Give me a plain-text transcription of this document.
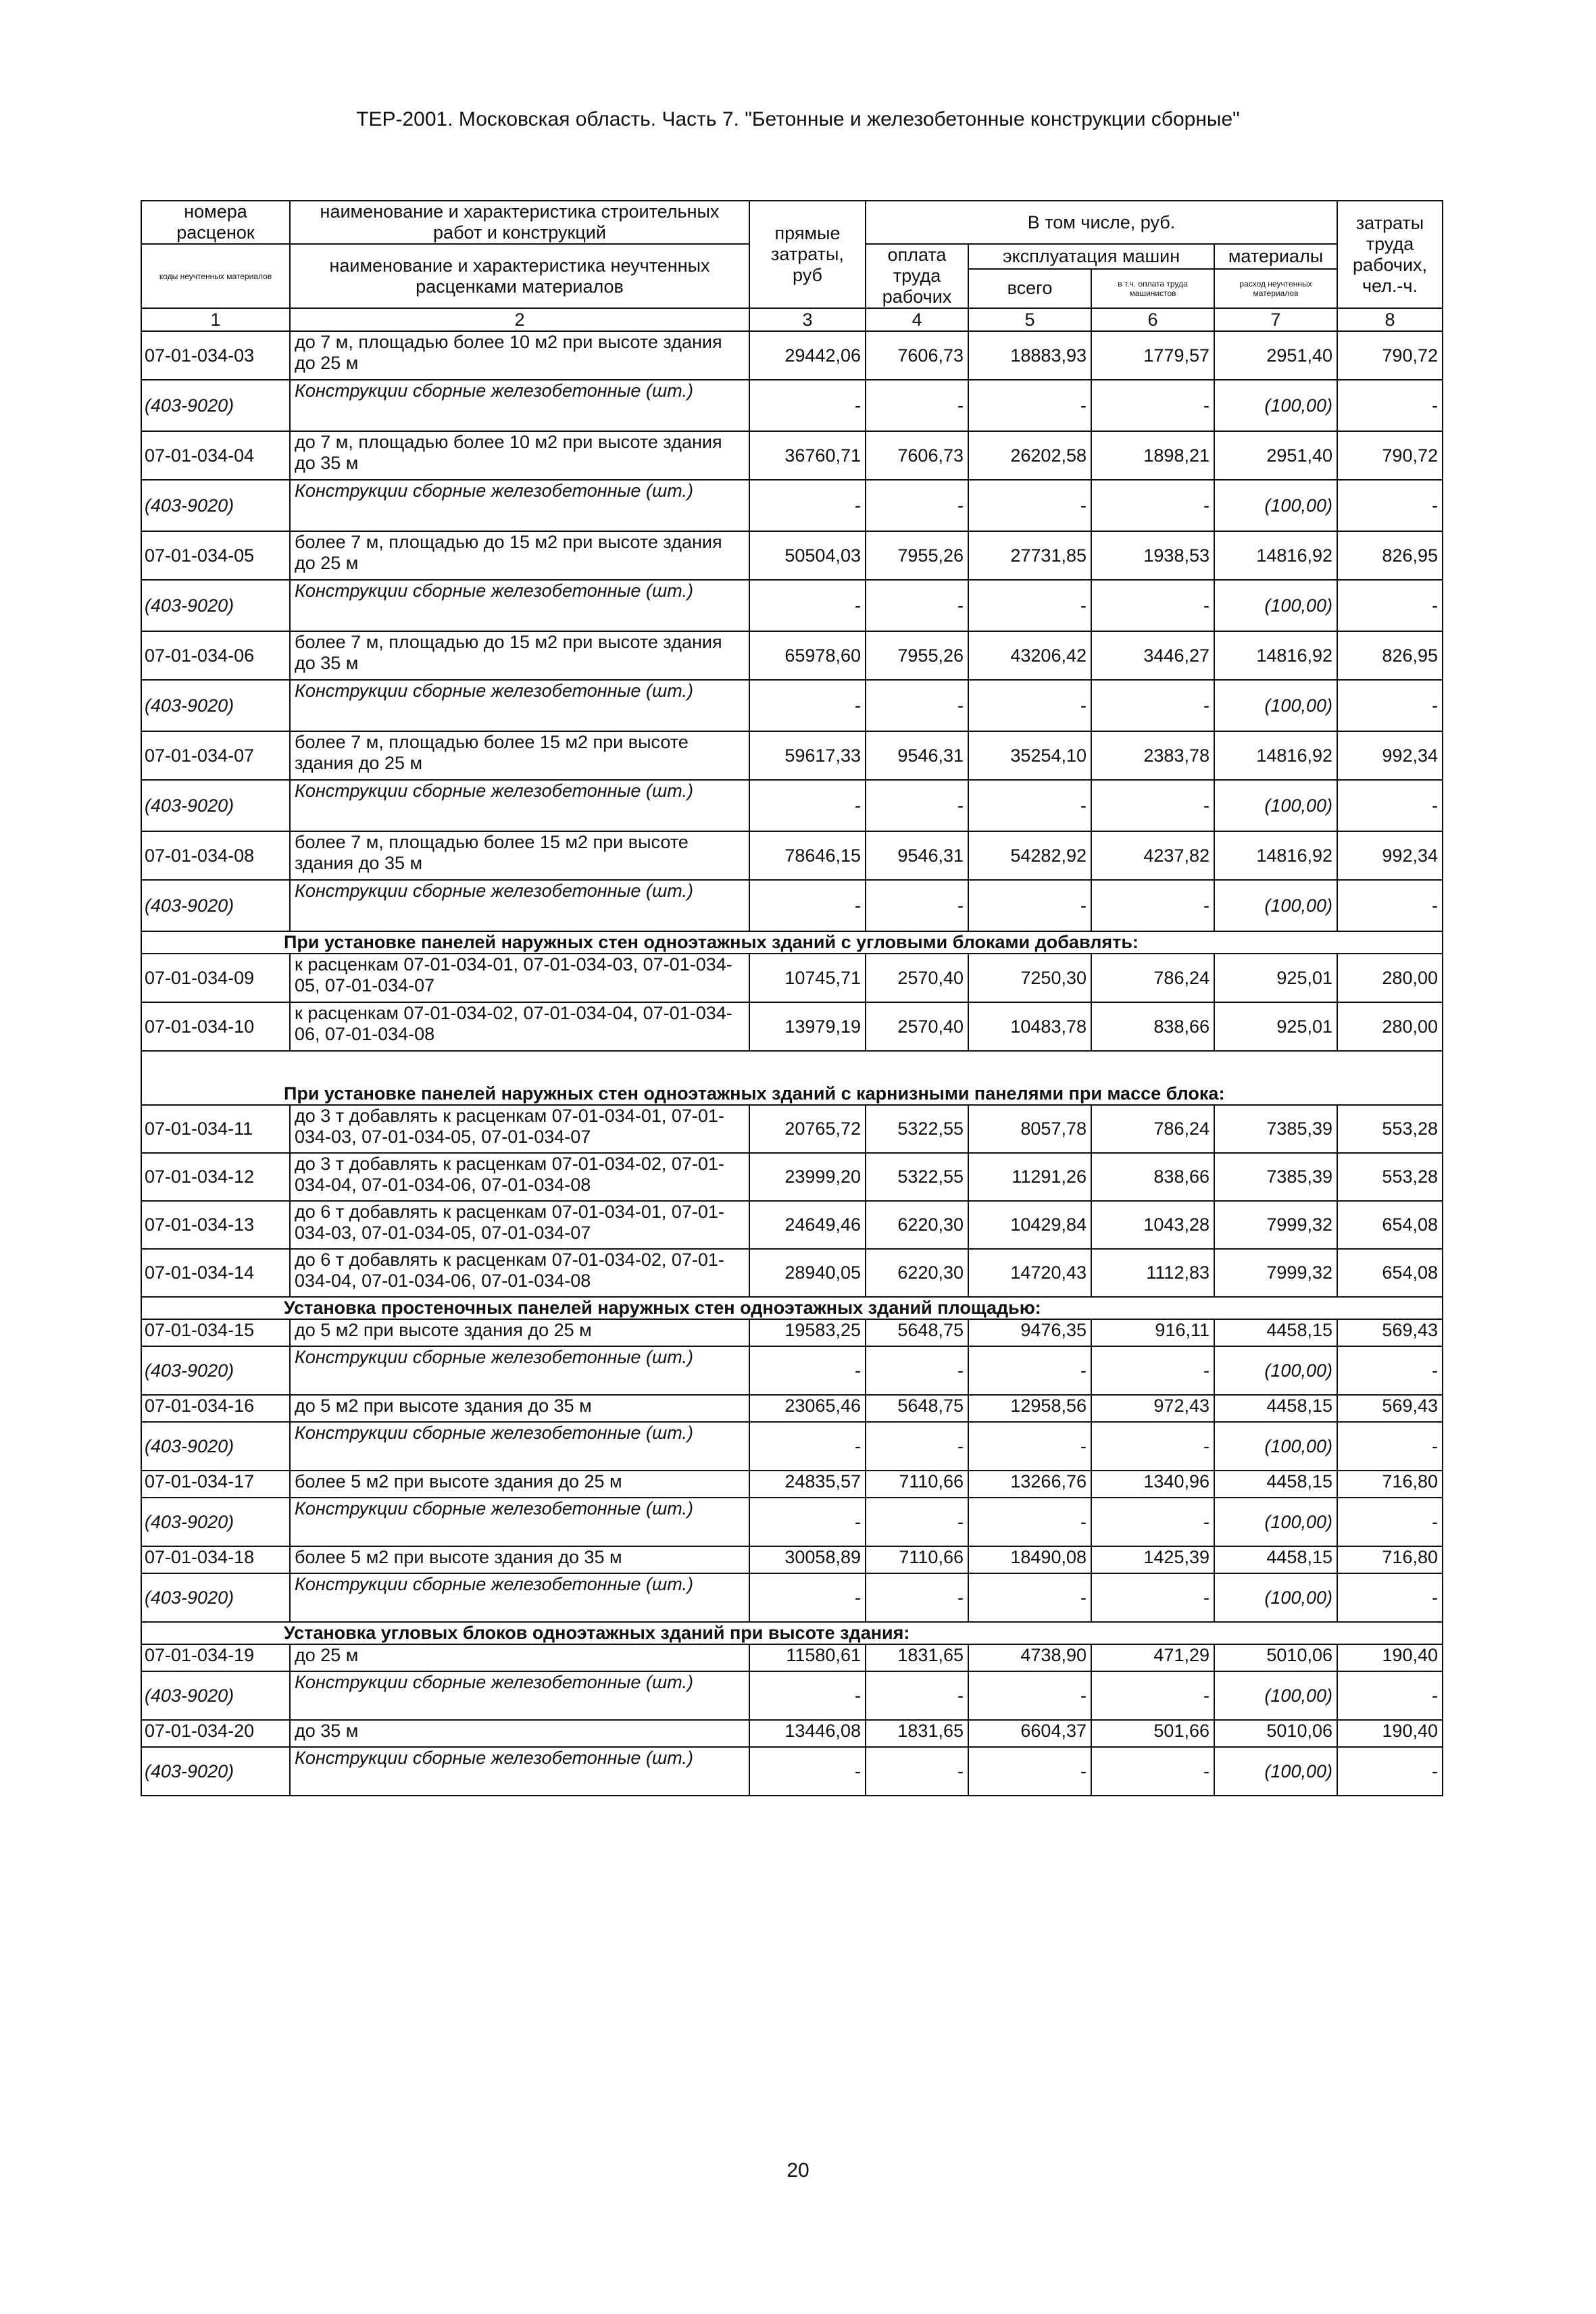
ТЕР-2001. Московская область. Часть 7. "Бетонные и железобетонные конструкции сборные"
номера расценок	наименование и характеристика строительных работ и конструкций	прямые затраты, руб	В том числе, руб.				затраты труда рабочих, чел.-ч.
коды неучтенных материалов	наименование и характеристика неучтенных расценками материалов		оплата труда рабочих	эксплуатация машин		материалы	
				всего	в т.ч. оплата труда машинистов	расход неучтенных материалов	
1	2	3	4	5	6	7	8
07-01-034-03	до 7 м, площадью более 10 м2 при высоте здания до 25 м	29442,06	7606,73	18883,93	1779,57	2951,40	790,72
(403-9020)	Конструкции сборные железобетонные (шт.)	-	-	-	-	(100,00)	-
07-01-034-04	до 7 м, площадью более 10 м2 при высоте здания до 35 м	36760,71	7606,73	26202,58	1898,21	2951,40	790,72
(403-9020)	Конструкции сборные железобетонные (шт.)	-	-	-	-	(100,00)	-
07-01-034-05	более 7 м, площадью до 15 м2 при высоте здания до 25 м	50504,03	7955,26	27731,85	1938,53	14816,92	826,95
(403-9020)	Конструкции сборные железобетонные (шт.)	-	-	-	-	(100,00)	-
07-01-034-06	более 7 м, площадью до 15 м2 при высоте здания до 35 м	65978,60	7955,26	43206,42	3446,27	14816,92	826,95
(403-9020)	Конструкции сборные железобетонные (шт.)	-	-	-	-	(100,00)	-
07-01-034-07	более 7 м, площадью более 15 м2 при высоте здания до 25 м	59617,33	9546,31	35254,10	2383,78	14816,92	992,34
(403-9020)	Конструкции сборные железобетонные (шт.)	-	-	-	-	(100,00)	-
07-01-034-08	более 7 м, площадью более 15 м2 при высоте здания до 35 м	78646,15	9546,31	54282,92	4237,82	14816,92	992,34
(403-9020)	Конструкции сборные железобетонные (шт.)	-	-	-	-	(100,00)	-
При установке панелей наружных стен одноэтажных зданий с угловыми блоками добавлять:							
07-01-034-09	к расценкам 07-01-034-01, 07-01-034-03, 07-01-034-05, 07-01-034-07	10745,71	2570,40	7250,30	786,24	925,01	280,00
07-01-034-10	к расценкам 07-01-034-02, 07-01-034-04, 07-01-034-06, 07-01-034-08	13979,19	2570,40	10483,78	838,66	925,01	280,00
При установке панелей наружных стен одноэтажных зданий с карнизными панелями при массе блока:							
07-01-034-11	до 3 т добавлять к расценкам 07-01-034-01, 07-01-034-03, 07-01-034-05, 07-01-034-07	20765,72	5322,55	8057,78	786,24	7385,39	553,28
07-01-034-12	до 3 т добавлять к расценкам 07-01-034-02, 07-01-034-04, 07-01-034-06, 07-01-034-08	23999,20	5322,55	11291,26	838,66	7385,39	553,28
07-01-034-13	до 6 т добавлять к расценкам 07-01-034-01, 07-01-034-03, 07-01-034-05, 07-01-034-07	24649,46	6220,30	10429,84	1043,28	7999,32	654,08
07-01-034-14	до 6 т добавлять к расценкам 07-01-034-02, 07-01-034-04, 07-01-034-06, 07-01-034-08	28940,05	6220,30	14720,43	1112,83	7999,32	654,08
Установка простеночных панелей наружных стен одноэтажных зданий площадью:							
07-01-034-15	до 5 м2 при высоте здания до 25 м	19583,25	5648,75	9476,35	916,11	4458,15	569,43
(403-9020)	Конструкции сборные железобетонные (шт.)	-	-	-	-	(100,00)	-
07-01-034-16	до 5 м2 при высоте здания до 35 м	23065,46	5648,75	12958,56	972,43	4458,15	569,43
(403-9020)	Конструкции сборные железобетонные (шт.)	-	-	-	-	(100,00)	-
07-01-034-17	более 5 м2 при высоте здания до 25 м	24835,57	7110,66	13266,76	1340,96	4458,15	716,80
(403-9020)	Конструкции сборные железобетонные (шт.)	-	-	-	-	(100,00)	-
07-01-034-18	более 5 м2 при высоте здания до 35 м	30058,89	7110,66	18490,08	1425,39	4458,15	716,80
(403-9020)	Конструкции сборные железобетонные (шт.)	-	-	-	-	(100,00)	-
Установка угловых блоков одноэтажных зданий при высоте здания:							
07-01-034-19	до 25 м	11580,61	1831,65	4738,90	471,29	5010,06	190,40
(403-9020)	Конструкции сборные железобетонные (шт.)	-	-	-	-	(100,00)	-
07-01-034-20	до 35 м	13446,08	1831,65	6604,37	501,66	5010,06	190,40
(403-9020)	Конструкции сборные железобетонные (шт.)	-	-	-	-	(100,00)	-
20
